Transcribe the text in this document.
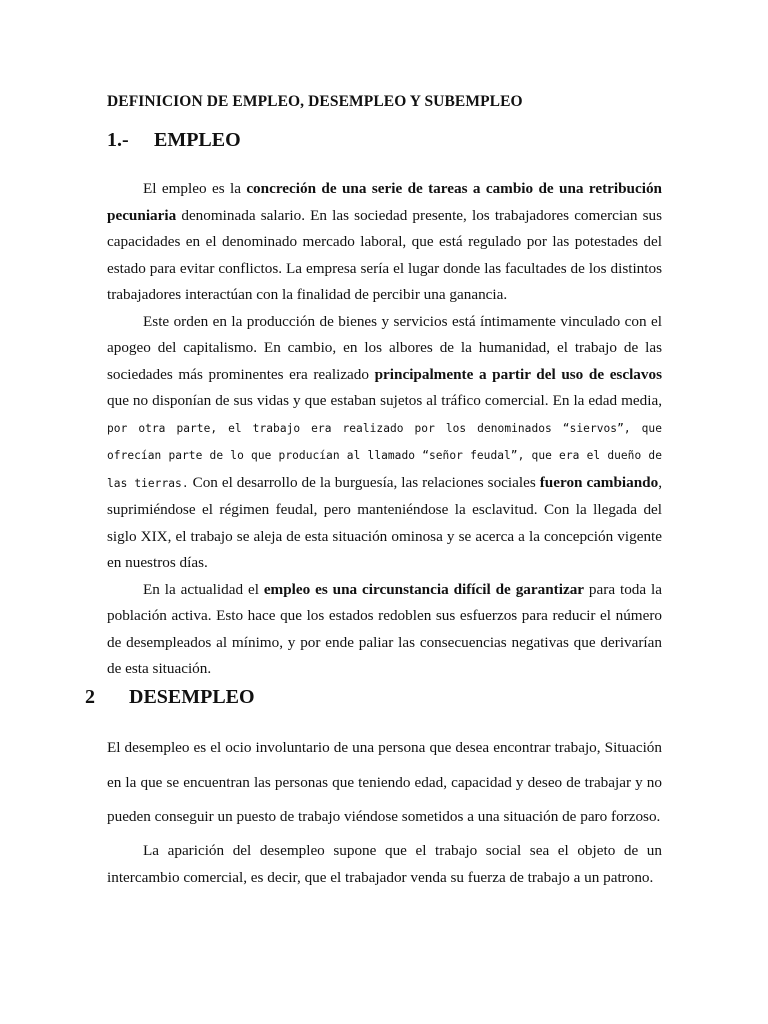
DEFINICION DE EMPLEO, DESEMPLEO Y SUBEMPLEO
1.- EMPLEO

El empleo es la concreción de una serie de tareas a cambio de una retribución pecuniaria denominada salario. En las sociedad presente, los trabajadores comercian sus capacidades en el denominado mercado laboral, que está regulado por las potestades del estado para evitar conflictos. La empresa sería el lugar donde las facultades de los distintos trabajadores interactúan con la finalidad de percibir una ganancia.

Este orden en la producción de bienes y servicios está íntimamente vinculado con el apogeo del capitalismo. En cambio, en los albores de la humanidad, el trabajo de las sociedades más prominentes era realizado principalmente a partir del uso de esclavos que no disponían de sus vidas y que estaban sujetos al tráfico comercial. En la edad media, por otra parte, el trabajo era realizado por los denominados “siervos”, que ofrecían parte de lo que producían al llamado “señor feudal”, que era el dueño de las tierras. Con el desarrollo de la burguesía, las relaciones sociales fueron cambiando, suprimiéndose el régimen feudal, pero manteniéndose la esclavitud. Con la llegada del siglo XIX, el trabajo se aleja de esta situación ominosa y se acerca a la concepción vigente en nuestros días.

En la actualidad el empleo es una circunstancia difícil de garantizar para toda la población activa. Esto hace que los estados redoblen sus esfuerzos para reducir el número de desempleados al mínimo, y por ende paliar las consecuencias negativas que derivarían de esta situación.

2 DESEMPLEO

El desempleo es el ocio involuntario de una persona que desea encontrar trabajo, Situación en la que se encuentran las personas que teniendo edad, capacidad y deseo de trabajar y no pueden conseguir un puesto de trabajo viéndose sometidos a una situación de paro forzoso.

La aparición del desempleo supone que el trabajo social sea el objeto de un intercambio comercial, es decir, que el trabajador venda su fuerza de trabajo a un patrono.
